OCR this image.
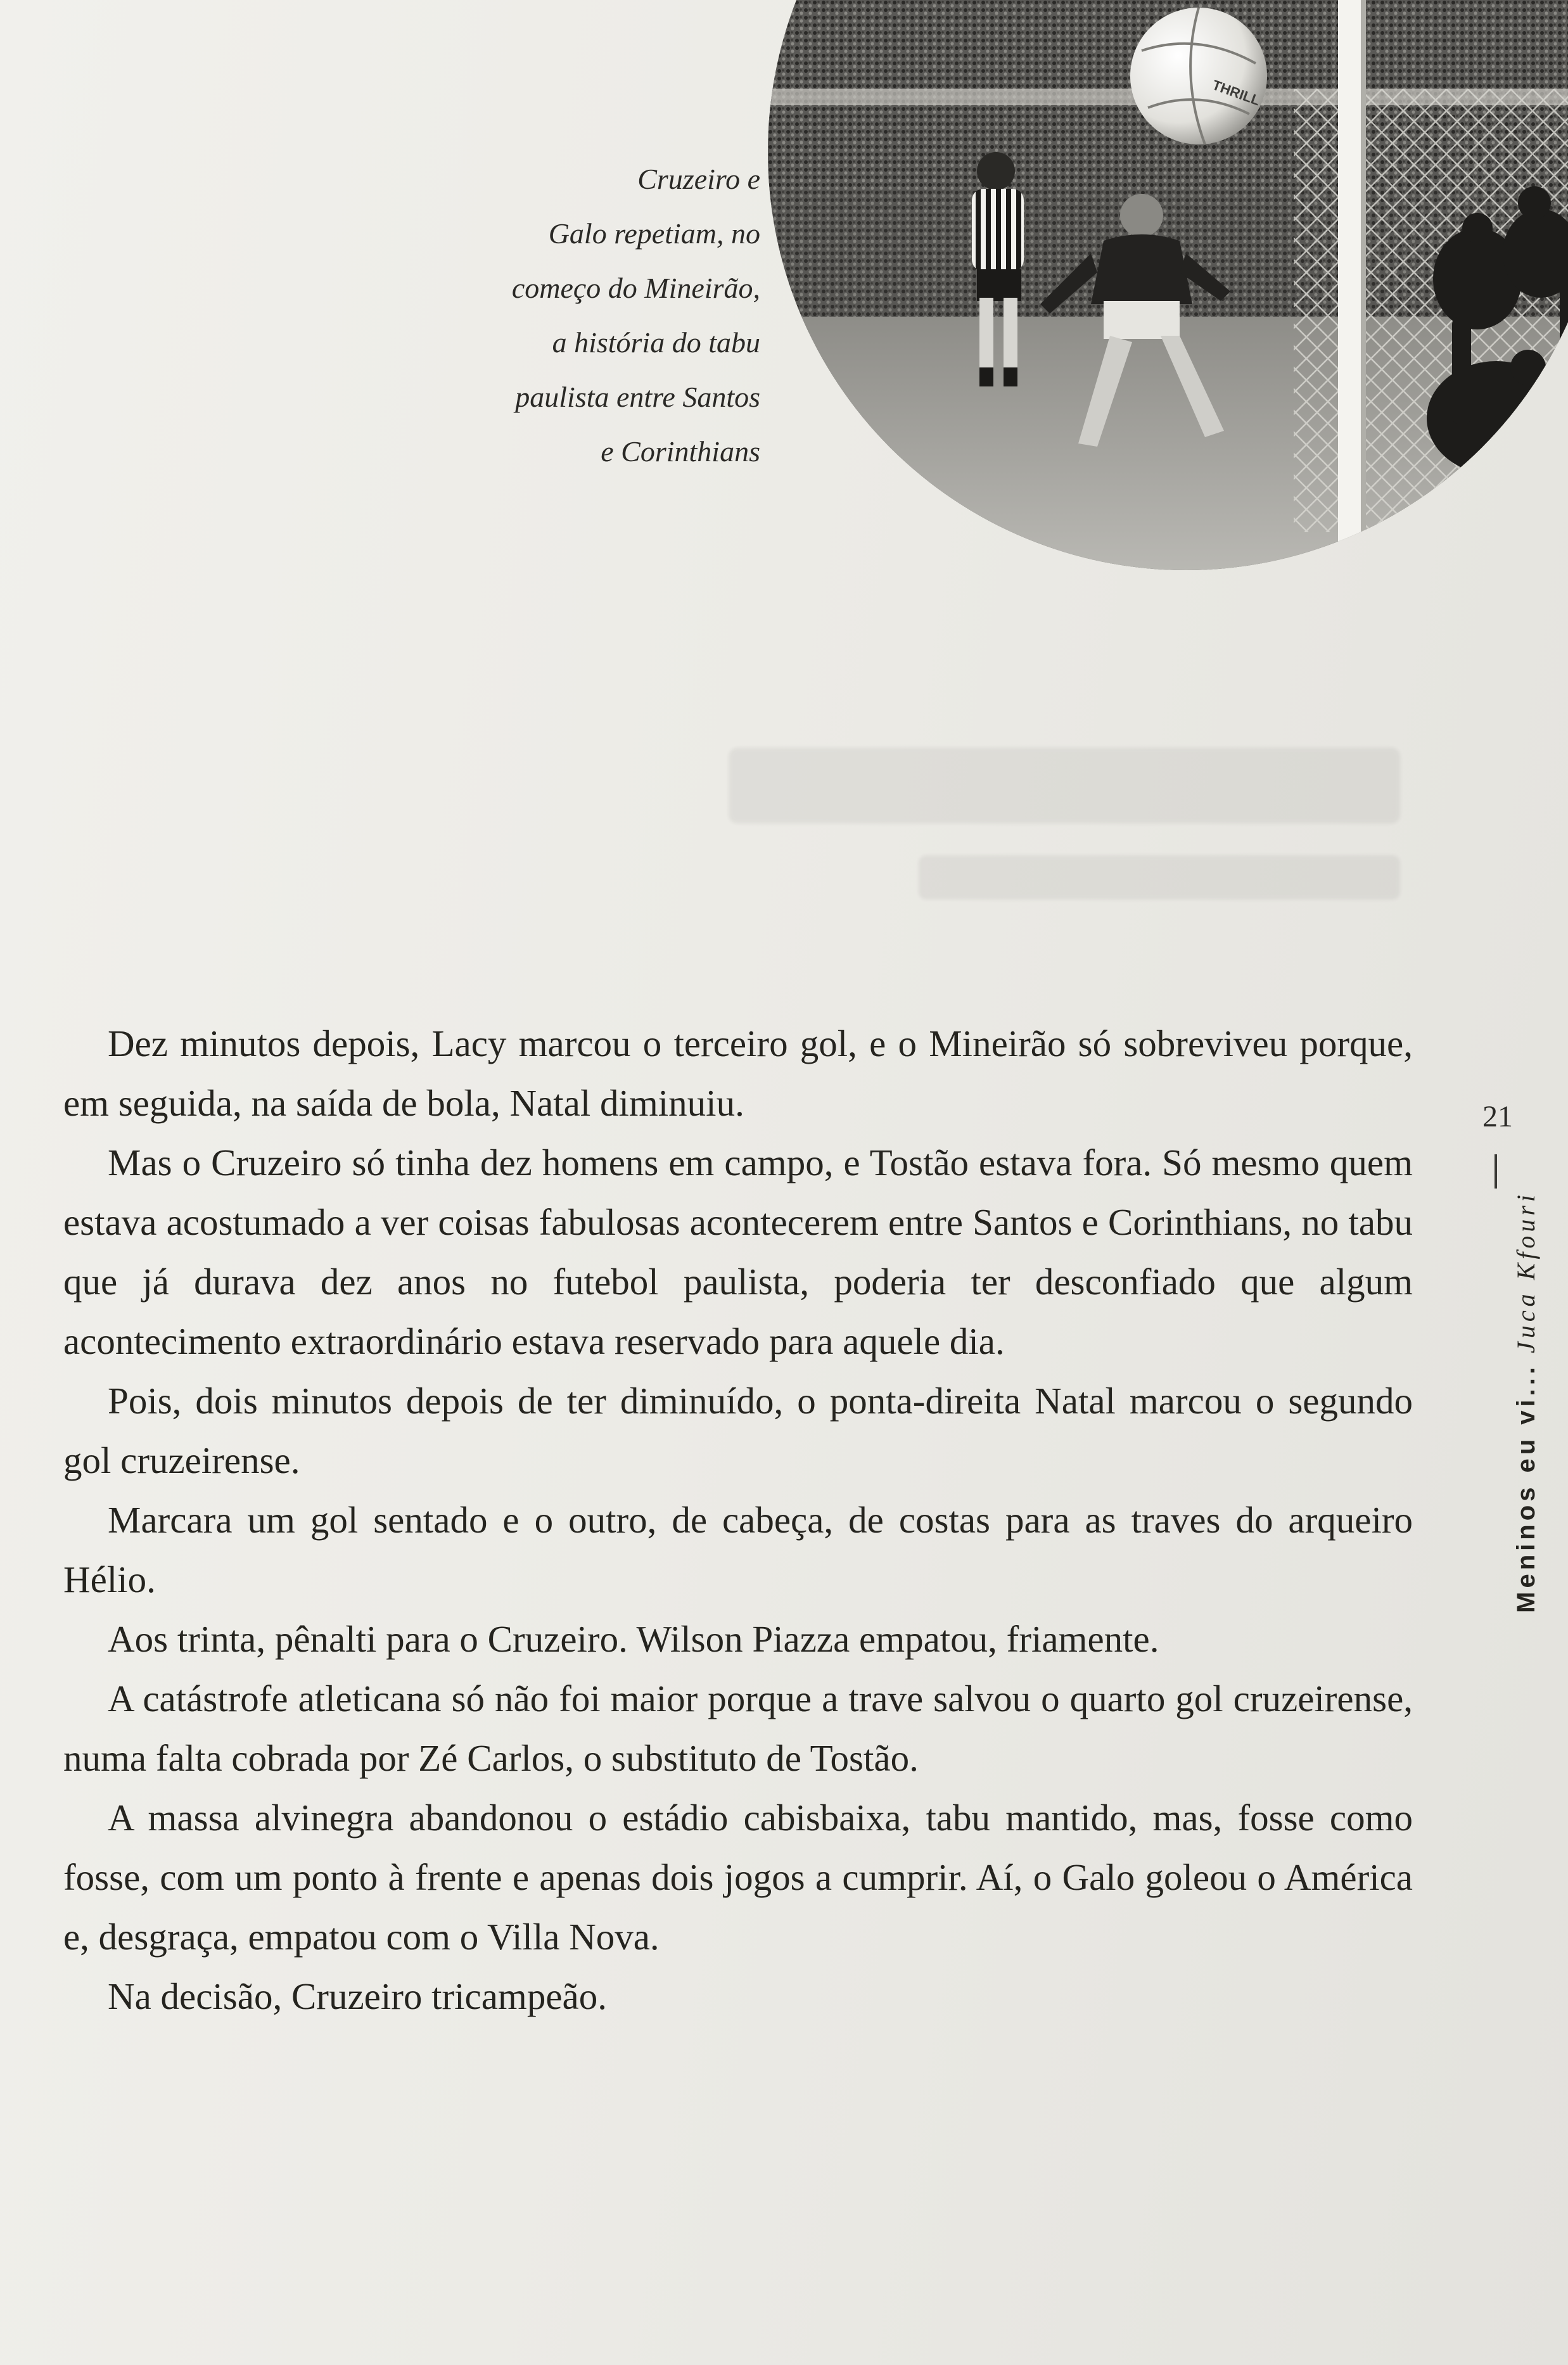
Cruzeiro e
Galo repetiam, no
começo do Mineirão,
a história do tabu
paulista entre Santos
e Corinthians
THRILL

Dez minutos depois, Lacy marcou o terceiro gol, e o Mineirão só sobreviveu porque, em seguida, na saída de bola, Natal diminuiu.

Mas o Cruzeiro só tinha dez homens em campo, e Tostão estava fora. Só mesmo quem estava acostumado a ver coisas fabulosas acontecerem entre Santos e Corinthians, no tabu que já durava dez anos no futebol paulista, poderia ter desconfiado que algum acontecimento extraordinário estava reservado para aquele dia.

Pois, dois minutos depois de ter diminuído, o ponta-direita Natal marcou o segundo gol cruzeirense.

Marcara um gol sentado e o outro, de cabeça, de costas para as traves do arqueiro Hélio.

Aos trinta, pênalti para o Cruzeiro. Wilson Piazza empatou, friamente.

A catástrofe atleticana só não foi maior porque a trave salvou o quarto gol cruzeirense, numa falta cobrada por Zé Carlos, o substituto de Tostão.

A massa alvinegra abandonou o estádio cabisbaixa, tabu mantido, mas, fosse como fosse, com um ponto à frente e apenas dois jogos a cumprir. Aí, o Galo goleou o América e, desgraça, empatou com o Villa Nova.

Na decisão, Cruzeiro tricampeão.

21
Meninos eu vi... Juca Kfouri
